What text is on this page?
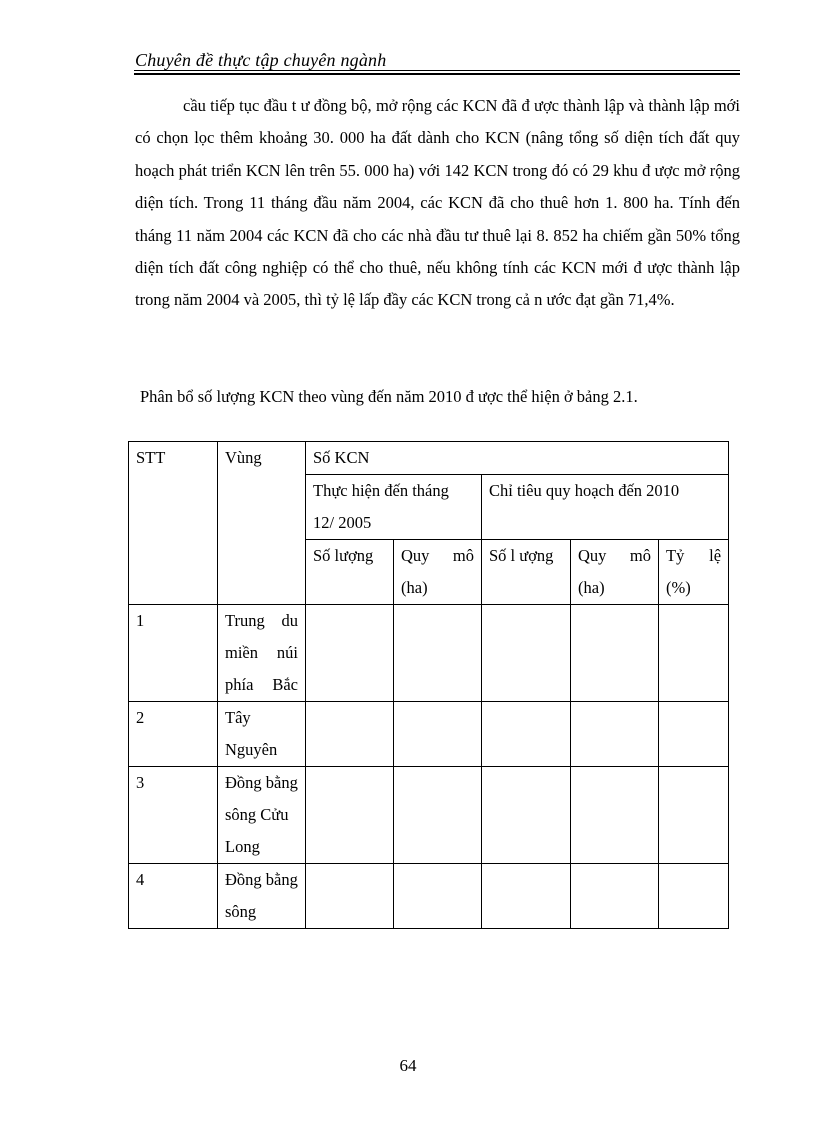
Chuyên đề thực tập chuyên ngành

cầu tiếp tục đầu t ư đồng bộ, mở rộng các KCN đã đ ược thành lập và thành lập mới có chọn lọc thêm khoảng 30. 000 ha đất dành cho KCN (nâng tổng số diện tích đất quy hoạch phát triển KCN lên trên 55. 000 ha) với 142 KCN trong đó có 29 khu đ ược mở rộng diện tích. Trong 11 tháng đầu năm 2004, các KCN đã cho thuê hơn 1. 800 ha. Tính đến tháng 11 năm 2004 các KCN đã cho các nhà đầu tư thuê lại 8. 852 ha chiếm gần 50% tổng diện tích đất công nghiệp có thể cho thuê, nếu không tính các KCN mới đ ược thành lập trong năm 2004 và 2005, thì tỷ lệ lấp đầy các KCN trong cả n ước đạt gần 71,4%.

Phân bổ số lượng KCN theo vùng đến năm 2010 đ ược thể hiện ở bảng 2.1.
STT	Vùng	Số KCN				
		Thực hiện đến tháng 12/ 2005		Chỉ tiêu quy hoạch đến 2010		
		Số lượng	Quy mô (ha)	Số l ượng	Quy mô (ha)	Tỷ lệ (%)
1	Trung du miền núi phía Bắc					
2	Tây Nguyên					
3	Đồng bằng sông Cửu Long					
4	Đồng bằng sông					
64
